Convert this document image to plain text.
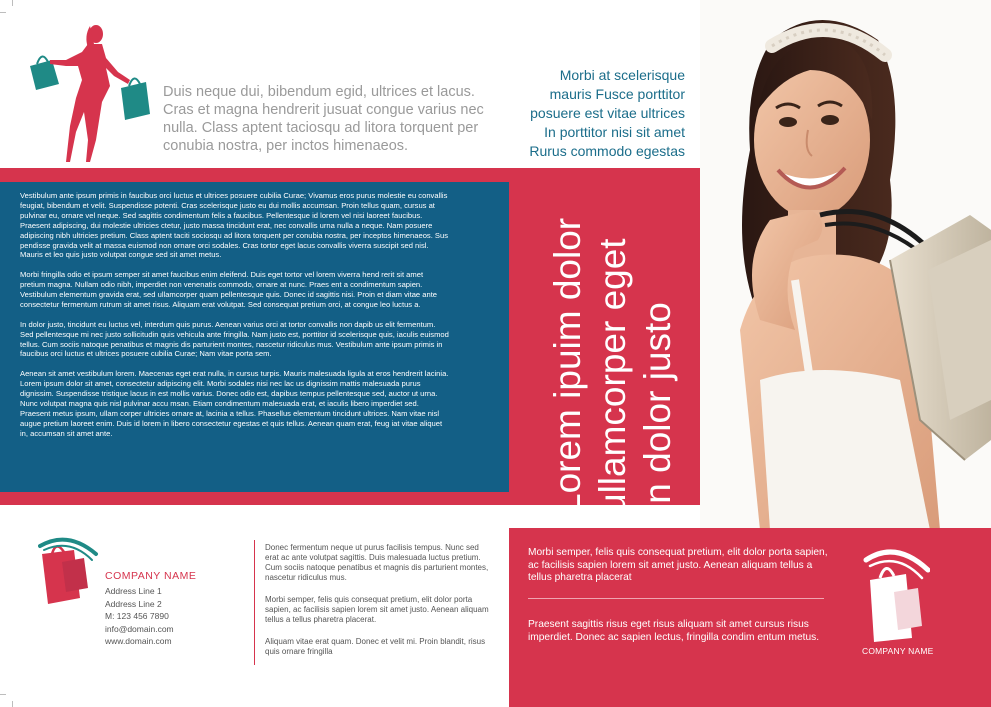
Duis neque dui, bibendum egid, ultrices et lacus. Cras et magna hendrerit jusuat congue varius nec nulla. Class aptent taciosqu ad litora torquent per conubia nostra, per inctos himenaeos.
Morbi at scelerisque
mauris Fusce porttitor
posuere est vitae ultrices
In porttitor nisi sit amet
Rurus commodo egestas

Vestibulum ante ipsum primis in faucibus orci luctus et ultrices posuere cubilia Curae; Vivamus eros purus molestie eu convallis feugiat, bibendum et velit. Suspendisse potenti. Cras scelerisque justo eu dui mollis accumsan. Proin tellus quam, cursus at pulvinar eu, ornare vel neque. Sed sagittis condimentum felis a faucibus. Pellentesque id lorem vel nisi laoreet faucibus. Praesent adipiscing, dui molestie ultricies ctetur, justo massa tincidunt erat, nec convallis urna nulla a neque. Nam posuere adipiscing nibh ultricies pretium. Class aptent taciti sociosqu ad litora torquent per conubia nostra, per inceptos himenaeos. Sus pendisse gravida velit at massa euismod non ornare orci sodales. Cras tortor eget lacus convallis viverra suscipit sed nisl. Mauris et leo quis justo volutpat congue sed sit amet metus.

Morbi fringilla odio et ipsum semper sit amet faucibus enim eleifend. Duis eget tortor vel lorem viverra hend rerit sit amet pretium magna. Nullam odio nibh, imperdiet non venenatis commodo, ornare at nunc. Praes ent a condimentum sapien. Vestibulum elementum gravida erat, sed ullamcorper quam pellentesque quis. Donec id sagittis nisi. Proin et diam vitae ante consectetur fermentum rutrum sit amet risus. Aliquam erat volutpat. Sed consequat pretium orci, at congue leo luctus a.

In dolor justo, tincidunt eu luctus vel, interdum quis purus. Aenean varius orci at tortor convallis non dapib us elit fermentum. Sed pellentesque mi nec justo sollicitudin quis vehicula ante fringilla. Nam justo est, porttitor id scelerisque quis, iaculis euismod tellus. Cum sociis natoque penatibus et magnis dis parturient montes, nascetur ridiculus mus. Vestibulum ante ipsum primis in faucibus orci luctus et ultrices posuere cubilia Curae; Nam vitae porta sem.

Aenean sit amet vestibulum lorem. Maecenas eget erat nulla, in cursus turpis. Mauris malesuada ligula at eros hendrerit lacinia. Lorem ipsum dolor sit amet, consectetur adipiscing elit. Morbi sodales nisi nec lac us dignissim mattis malesuada purus dignissim. Suspendisse tristique lacus in est mollis varius. Donec odio est, dapibus tempus pellentesque sed, auctor ut urna. Nunc volutpat magna quis nisl pulvinar accu msan. Etiam condimentum malesuada erat, et iaculis libero imperdiet sed. Praesent metus ipsum, ullam corper ultricies ornare at, lacinia a tellus. Phasellus elementum tincidunt ultrices. Nam vitae nisl augue pretium laoreet enim. Duis id lorem in libero consectetur egestas et quis tellus. Aenean quam erat, feug iat vitae aliquet in, accumsan sit amet ante.	Lorem ipuim dolor ullamcorper eget In dolor justo
COMPANY NAME
Address Line 1
Address Line 2
M: 123 456 7890
info@domain.com
www.domain.com

Donec fermentum neque ut purus facilisis tempus. Nunc sed erat ac ante volutpat sagittis. Duis malesuada luctus pretium. Cum sociis natoque penatibus et magnis dis parturient montes, nascetur ridiculus mus.

Morbi semper, felis quis consequat pretium, elit dolor porta sapien, ac facilisis sapien lorem sit amet justo. Aenean aliquam tellus a tellus pharetra placerat.

Aliquam vitae erat quam. Donec et velit mi. Proin blandit, risus quis ornare fringilla

Morbi semper, felis quis consequat pretium, elit dolor porta sapien, ac facilisis sapien lorem sit amet justo. Aenean aliquam tellus a tellus pharetra placerat

Praesent sagittis risus eget risus aliquam sit amet cursus risus imperdiet. Donec ac sapien lectus, fringilla condim entum metus.

COMPANY NAME
